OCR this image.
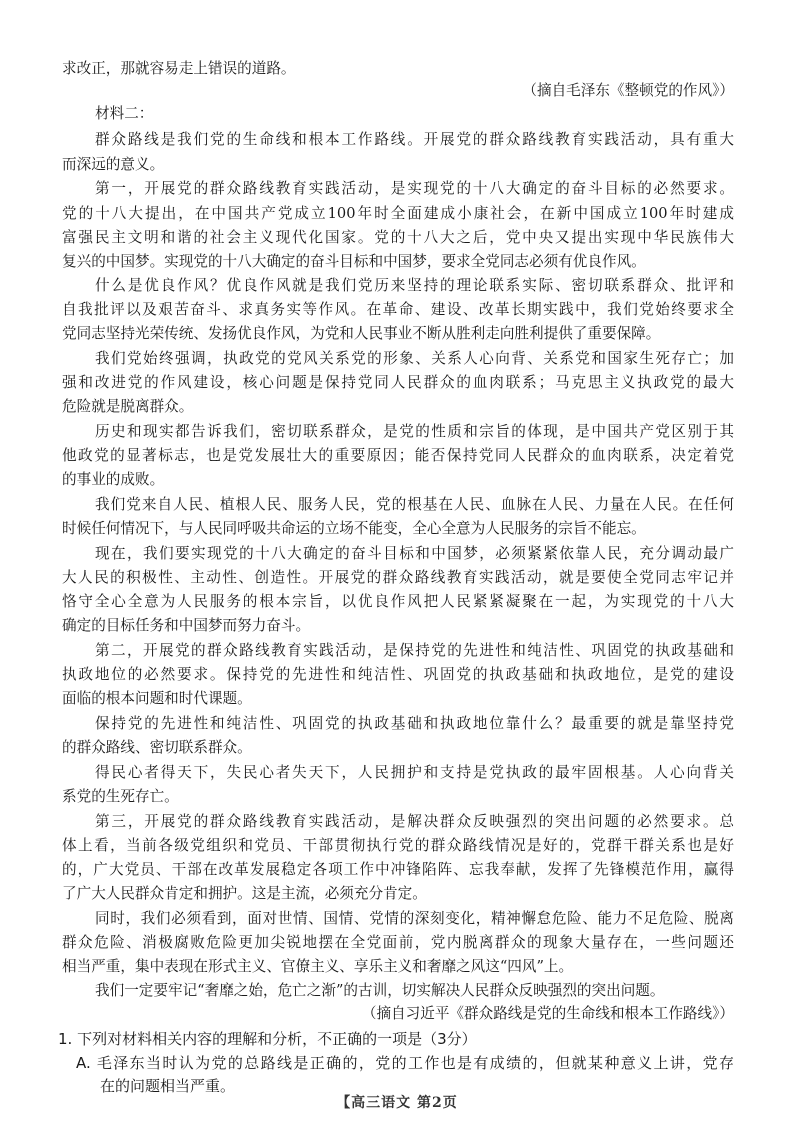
求改正，那就容易走上错误的道路。
（摘自毛泽东《整顿党的作风》）
材料二：
群众路线是我们党的生命线和根本工作路线。开展党的群众路线教育实践活动，具有重大
而深远的意义。
第一，开展党的群众路线教育实践活动，是实现党的十八大确定的奋斗目标的必然要求。
党的十八大提出，在中国共产党成立100年时全面建成小康社会，在新中国成立100年时建成
富强民主文明和谐的社会主义现代化国家。党的十八大之后，党中央又提出实现中华民族伟大
复兴的中国梦。实现党的十八大确定的奋斗目标和中国梦，要求全党同志必须有优良作风。
什么是优良作风？优良作风就是我们党历来坚持的理论联系实际、密切联系群众、批评和
自我批评以及艰苦奋斗、求真务实等作风。在革命、建设、改革长期实践中，我们党始终要求全
党同志坚持光荣传统、发扬优良作风，为党和人民事业不断从胜利走向胜利提供了重要保障。
我们党始终强调，执政党的党风关系党的形象、关系人心向背、关系党和国家生死存亡；加
强和改进党的作风建设，核心问题是保持党同人民群众的血肉联系；马克思主义执政党的最大
危险就是脱离群众。
历史和现实都告诉我们，密切联系群众，是党的性质和宗旨的体现，是中国共产党区别于其
他政党的显著标志，也是党发展壮大的重要原因；能否保持党同人民群众的血肉联系，决定着党
的事业的成败。
我们党来自人民、植根人民、服务人民，党的根基在人民、血脉在人民、力量在人民。在任何
时候任何情况下，与人民同呼吸共命运的立场不能变，全心全意为人民服务的宗旨不能忘。
现在，我们要实现党的十八大确定的奋斗目标和中国梦，必须紧紧依靠人民，充分调动最广
大人民的积极性、主动性、创造性。开展党的群众路线教育实践活动，就是要使全党同志牢记并
恪守全心全意为人民服务的根本宗旨，以优良作风把人民紧紧凝聚在一起，为实现党的十八大
确定的目标任务和中国梦而努力奋斗。
第二，开展党的群众路线教育实践活动，是保持党的先进性和纯洁性、巩固党的执政基础和
执政地位的必然要求。保持党的先进性和纯洁性、巩固党的执政基础和执政地位，是党的建设
面临的根本问题和时代课题。
保持党的先进性和纯洁性、巩固党的执政基础和执政地位靠什么？最重要的就是靠坚持党
的群众路线、密切联系群众。
得民心者得天下，失民心者失天下，人民拥护和支持是党执政的最牢固根基。人心向背关
系党的生死存亡。
第三，开展党的群众路线教育实践活动，是解决群众反映强烈的突出问题的必然要求。总
体上看，当前各级党组织和党员、干部贯彻执行党的群众路线情况是好的，党群干群关系也是好
的，广大党员、干部在改革发展稳定各项工作中冲锋陷阵、忘我奉献，发挥了先锋模范作用，赢得
了广大人民群众肯定和拥护。这是主流，必须充分肯定。
同时，我们必须看到，面对世情、国情、党情的深刻变化，精神懈怠危险、能力不足危险、脱离
群众危险、消极腐败危险更加尖锐地摆在全党面前，党内脱离群众的现象大量存在，一些问题还
相当严重，集中表现在形式主义、官僚主义、享乐主义和奢靡之风这“四风”上。
我们一定要牢记“奢靡之始，危亡之渐”的古训，切实解决人民群众反映强烈的突出问题。
（摘自习近平《群众路线是党的生命线和根本工作路线》）
1. 下列对材料相关内容的理解和分析，不正确的一项是（3分）
A. 毛泽东当时认为党的总路线是正确的，党的工作也是有成绩的，但就某种意义上讲，党存
在的问题相当严重。
【高三语文 第2页
